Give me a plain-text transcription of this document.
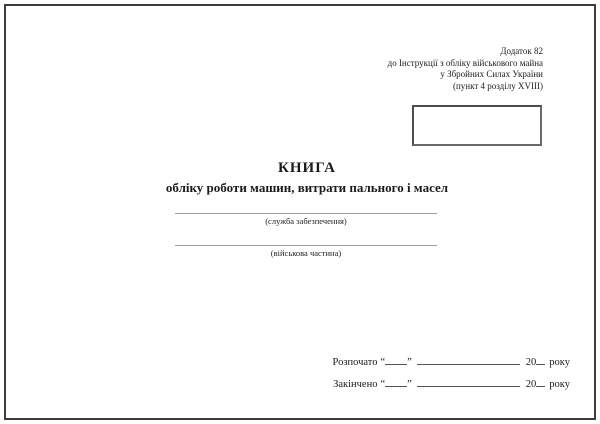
Додаток 82
до Інструкції з обліку військового майна
у Збройних Силах України
(пункт 4 розділу XVIII)
КНИГА
обліку роботи машин, витрати пального і масел
(служба забезпечення)
(військова частина)
Розпочато “ ”	20 року
Закінчено “ ”	20 року
